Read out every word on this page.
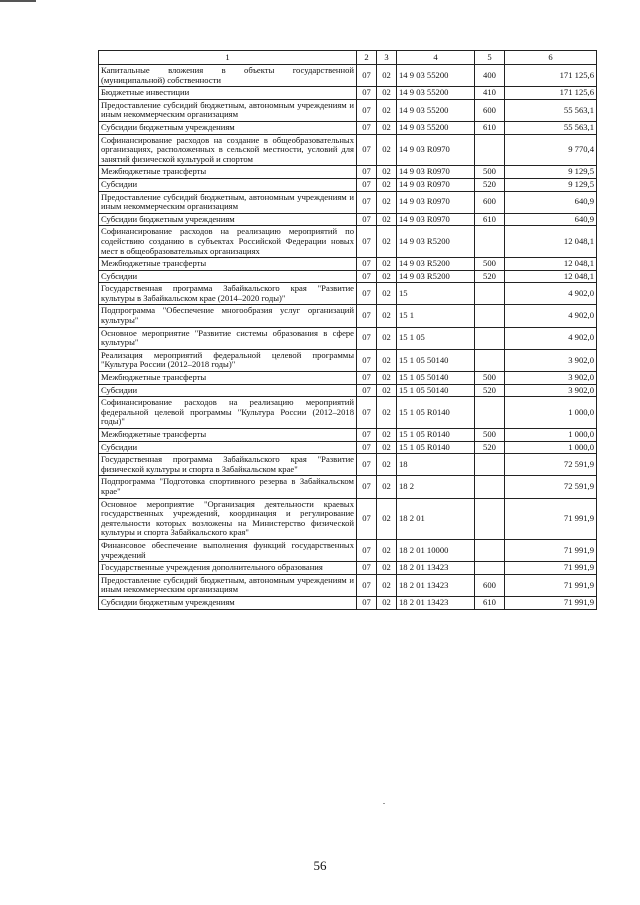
1	2	3	4	5	6
Капитальные вложения в объекты государственной (муниципальной) собственности	07	02	14 9 03 55200	400	171 125,6
Бюджетные инвестиции	07	02	14 9 03 55200	410	171 125,6
Предоставление субсидий бюджетным, автономным учреждениям и иным некоммерческим организациям	07	02	14 9 03 55200	600	55 563,1
Субсидии бюджетным учреждениям	07	02	14 9 03 55200	610	55 563,1
Софинансирование расходов на создание в общеобразовательных организациях, расположенных в сельской местности, условий для занятий физической культурой и спортом	07	02	14 9 03 R0970		9 770,4
Межбюджетные трансферты	07	02	14 9 03 R0970	500	9 129,5
Субсидии	07	02	14 9 03 R0970	520	9 129,5
Предоставление субсидий бюджетным, автономным учреждениям и иным некоммерческим организациям	07	02	14 9 03 R0970	600	640,9
Субсидии бюджетным учреждениям	07	02	14 9 03 R0970	610	640,9
Софинансирование расходов на реализацию мероприятий по содействию созданию в субъектах Российской Федерации новых мест в общеобразовательных организациях	07	02	14 9 03 R5200		12 048,1
Межбюджетные трансферты	07	02	14 9 03 R5200	500	12 048,1
Субсидии	07	02	14 9 03 R5200	520	12 048,1
Государственная программа Забайкальского края "Развитие культуры в Забайкальском крае (2014–2020 годы)"	07	02	15		4 902,0
Подпрограмма "Обеспечение многообразия услуг организаций культуры"	07	02	15 1		4 902,0
Основное мероприятие "Развитие системы образования в сфере культуры"	07	02	15 1 05		4 902,0
Реализация мероприятий федеральной целевой программы "Культура России (2012–2018 годы)"	07	02	15 1 05 50140		3 902,0
Межбюджетные трансферты	07	02	15 1 05 50140	500	3 902,0
Субсидии	07	02	15 1 05 50140	520	3 902,0
Софинансирование расходов на реализацию мероприятий федеральной целевой программы "Культура России (2012–2018 годы)"	07	02	15 1 05 R0140		1 000,0
Межбюджетные трансферты	07	02	15 1 05 R0140	500	1 000,0
Субсидии	07	02	15 1 05 R0140	520	1 000,0
Государственная программа Забайкальского края "Развитие физической культуры и спорта в Забайкальском крае"	07	02	18		72 591,9
Подпрограмма "Подготовка спортивного резерва в Забайкальском крае"	07	02	18 2		72 591,9
Основное мероприятие "Организация деятельности краевых государственных учреждений, координация и регулирование деятельности которых возложены на Министерство физической культуры и спорта Забайкальского края"	07	02	18 2 01		71 991,9
Финансовое обеспечение выполнения функций государственных учреждений	07	02	18 2 01 10000		71 991,9
Государственные учреждения дополнительного образования	07	02	18 2 01 13423		71 991,9
Предоставление субсидий бюджетным, автономным учреждениям и иным некоммерческим организациям	07	02	18 2 01 13423	600	71 991,9
Субсидии бюджетным учреждениям	07	02	18 2 01 13423	610	71 991,9
56
